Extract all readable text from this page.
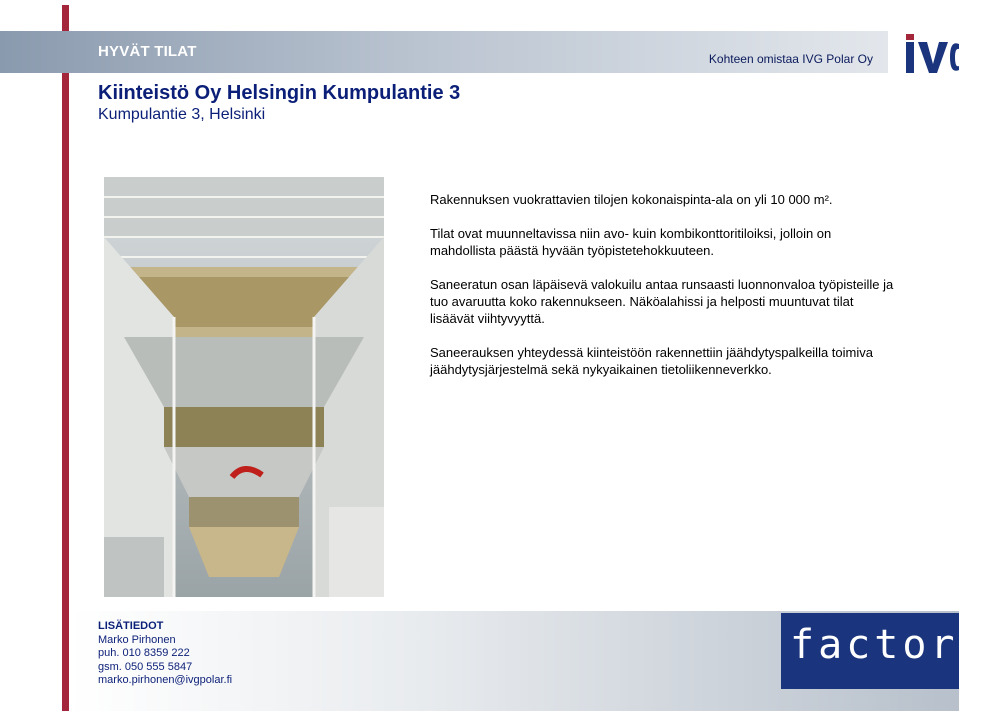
HYVÄT TILAT	Kohteen omistaa IVG Polar Oy
Kiinteistö Oy Helsingin Kumpulantie 3
Kumpulantie 3, Helsinki

Rakennuksen vuokrattavien tilojen kokonaispinta-ala on yli 10 000 m².

Tilat ovat muunneltavissa niin avo- kuin kombikonttoritiloiksi, jolloin on mahdollista päästä hyvään työpistetehokkuuteen.

Saneeratun osan läpäisevä valokuilu antaa runsaasti luonnonvaloa työpisteille ja tuo avaruutta koko rakennukseen. Näköalahissi ja helposti muuntuvat tilat lisäävät viihtyvyyttä.

Saneerauksen yhteydessä kiinteistöön rakennettiin jäähdytyspalkeilla toimiva jäähdytysjärjestelmä sekä nykyaikainen tietoliikenneverkko.

LISÄTIEDOT
Marko Pirhonen
puh. 010 8359 222
gsm. 050 555 5847
marko.pirhonen@ivgpolar.fi
factory
